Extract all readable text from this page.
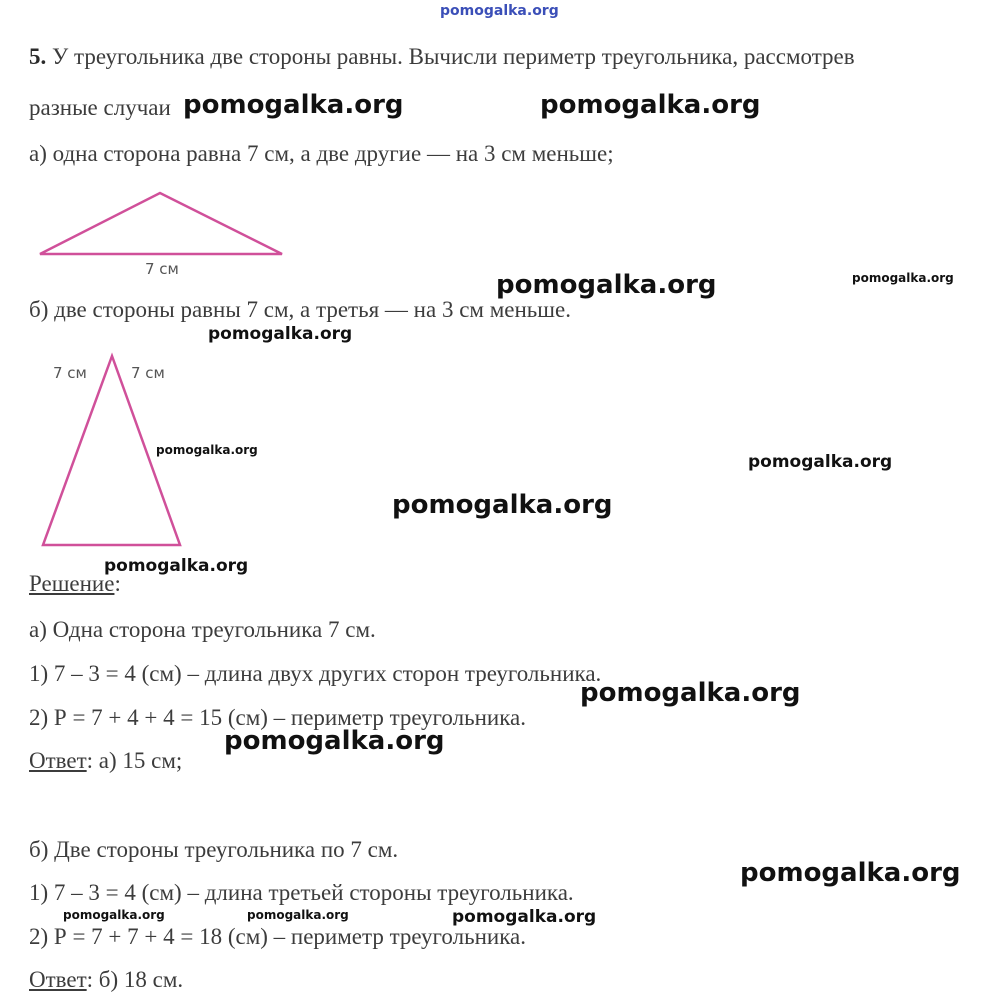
pomogalka.org
5. У треугольника две стороны равны. Вычисли периметр треугольника, рассмотрев
разные случаи
а) одна сторона равна 7 см, а две другие — на 3 см меньше;
7 см
7 см	7 см
б) две стороны равны 7 см, а третья — на 3 см меньше.
Решение:
а) Одна сторона треугольника 7 см.
1) 7 – 3 = 4 (см) – длина двух других сторон треугольника.
2) Р = 7 + 4 + 4 = 15 (см) – периметр треугольника.
Ответ: а) 15 см;
б) Две стороны треугольника по 7 см.
1) 7 – 3 = 4 (см) – длина третьей стороны треугольника.
2) Р = 7 + 7 + 4 = 18 (см) – периметр треугольника.
Ответ: б) 18 см.
pomogalka.org	pomogalka.org
pomogalka.org	pomogalka.org
pomogalka.org
pomogalka.org
pomogalka.org
pomogalka.org
pomogalka.org
pomogalka.org
pomogalka.org
pomogalka.org
pomogalka.org	pomogalka.org	pomogalka.org
